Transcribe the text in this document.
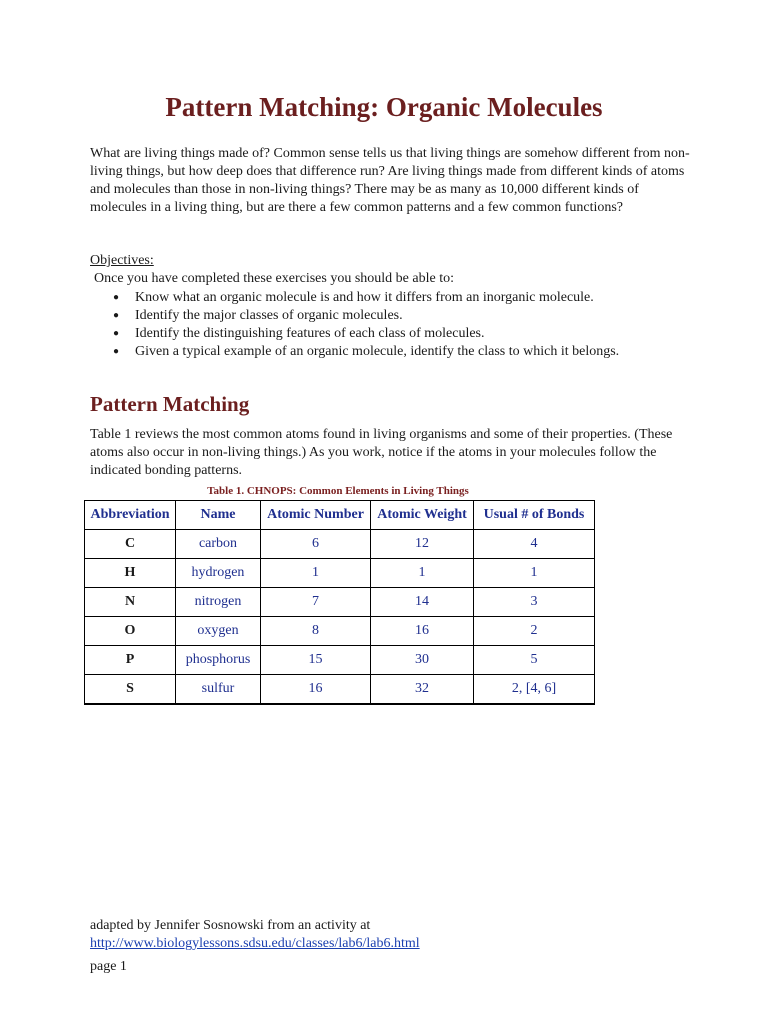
Pattern Matching: Organic Molecules

What are living things made of? Common sense tells us that living things are somehow different from non-living things, but how deep does that difference run? Are living things made from different kinds of atoms and molecules than those in non-living things? There may be as many as 10,000 different kinds of molecules in a living thing, but are there a few common patterns and a few common functions?

Objectives:
Once you have completed these exercises you should be able to:
● Know what an organic molecule is and how it differs from an inorganic molecule.
● Identify the major classes of organic molecules.
● Identify the distinguishing features of each class of molecules.
● Given a typical example of an organic molecule, identify the class to which it belongs.
Pattern Matching

Table 1 reviews the most common atoms found in living organisms and some of their properties. (These atoms also occur in non-living things.) As you work, notice if the atoms in your molecules follow the indicated bonding patterns.

Table 1. CHNOPS: Common Elements in Living Things
Abbreviation	Name	Atomic Number	Atomic Weight	Usual # of Bonds
C	carbon	6	12	4
H	hydrogen	1	1	1
N	nitrogen	7	14	3
O	oxygen	8	16	2
P	phosphorus	15	30	5
S	sulfur	16	32	2, [4, 6]
adapted by Jennifer Sosnowski from an activity at
http://www.biologylessons.sdsu.edu/classes/lab6/lab6.html
page 1
